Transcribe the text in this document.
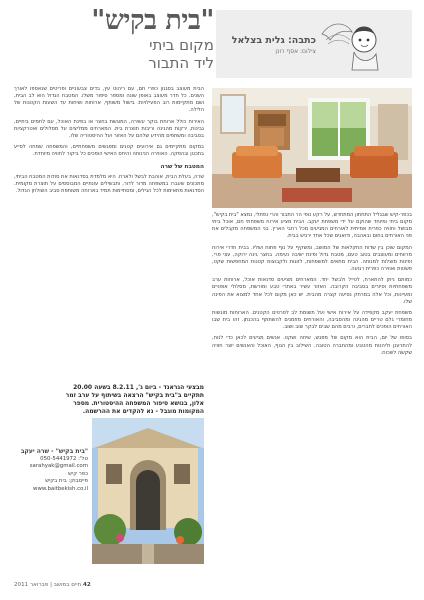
"בית בקיש"
מקום ביתי
ליד התבור
כתבה: גלית בצלאל
צילום: אסף רונן

בכפר-קיש שבגליל התחתון המתחדש, על רקע נופי הר התבור והרי נפתלי, נמצא "בית בקיש", מקום ביתי ומיוחד שהוקם על ידי משפחת יעקב. הבית מציע אירוח משפחתי חם, אוכל ביתי מבושל וחוויה כפרית אמיתית לאורחים המגיעים מכל רחבי הארץ. בני המשפחה מקבלים את פני האורחים בחום ובאהבה, ודואגים שכל אחד ירגיש בבית.

המקום שוכן בין שדות החקלאות של המושב, ומשקיף על נוף פתוח ושליו. בבית חדרי אירוח מרווחים ומעוצבים בטוב טעם, מטבח גדול ופינת ישיבה נעימה. בחצר גינה ירוקה, עצי פרי, ופינות מוצלות למנוחה. הבית מתאים למשפחות, לזוגות ולקבוצות קטנות המחפשות שקט, פשטות ואווירה כפרית רגועה.

כמותם ניתן להתארח, לטייל ולבשל יחד. המארחים מציעים סדנאות אוכל, ארוחות ערב משפחתיות וסיורים בסביבה הקרובה. האזור עשיר באתרי טבע ומורשת, מסלולי אופניים ומעיינות, וכל אלה במרחק נסיעה קצרה מהבית. יש כאן מקום לכל אחד למצוא את הפינה שלו.

משפחת יעקב מקפידה על אירוח אישי ועל תשומת לב לפרטים הקטנים. הארוחות מוגשות מחומרי גלם טריים מהגינה ומהסביבה, והאורחים מוזמנים להשתתף בהכנתן. זהו בית שבו האורחים הופכים לחברים, ורבים מהם שבים לבקר שוב ושוב.

בסופו של יום, הבית הוא מקום של מפגש, שיחה ושקט. אנשים מגיעים לכאן כדי לנוח, להתרענן וליהנות מהטבע ומהחברה הטובה. השילוב בין הנוף, האוכל והאנשים יוצר חוויה שקשה לשכוח.

הבית מעוצב בסגנון כפרי חם, עם ריהוט עץ, בדים צבעוניים ופריטים שנאספו לאורך השנים. כל חדר מעוצב באופן שונה ומספר סיפור משלו. המטבח הגדול הוא לב הבית, ושם מתקיימות רוב הפעילויות: בישול משותף, ארוחות ושיחות עד השעות הקטנות של הלילה.

האירוח כולל ארוחת בוקר עשירה, המוגשת בחצר או בפינת האוכל, עם לחמים ביתיים, גבינות, ירקות מהגינה וריבות תוצרת בית. המארחים ממליצים על מסלולים ואטרקציות בסביבה ומשתפים מהידע שלהם על האזור ועל ההיסטוריה שלו.

במקום מתקיימים גם אירועים קטנים ומפגשים משפחתיים, והמשפחה שמחה לסייע בתכנון ובהפקה. האווירה הנינוחה והיחס האישי הופכים כל ביקור לחוויה מיוחדת.

המטבח של שרה

שרה, בעלת הבית, אוהבת לבשל ולארח. היא מלמדת בסדנאות את סודות המטבח הביתי, מתכונים שעברו במשפחה מדור לדור, ותבשילים עונתיים המבוססים על תוצרת מקומית. הסדנאות מתאימות לכל הגילים, ומסתיימות תמיד בארוחה משותפת סביב השולחן הגדול.

מבצעי הגראנד - ביום ג', 8.2.11 בשעה 20.00
תתקיים ב"בית בקיש" הרצאה בשיתוף על ערב זמר
אלון, בנושא סיפור המשפחה ההיסטורית. מספר
המקומות מוגבל - נא להקדים את ההרשמה.
"בית בקיש" - שרה יעקב
טל': 050-5441972
sarahyak@gmail.com
כפר קיש
פייסבוק: בית בקיש
www.baitbekish.co.il
42 חיים במושב | פברואר 2011
